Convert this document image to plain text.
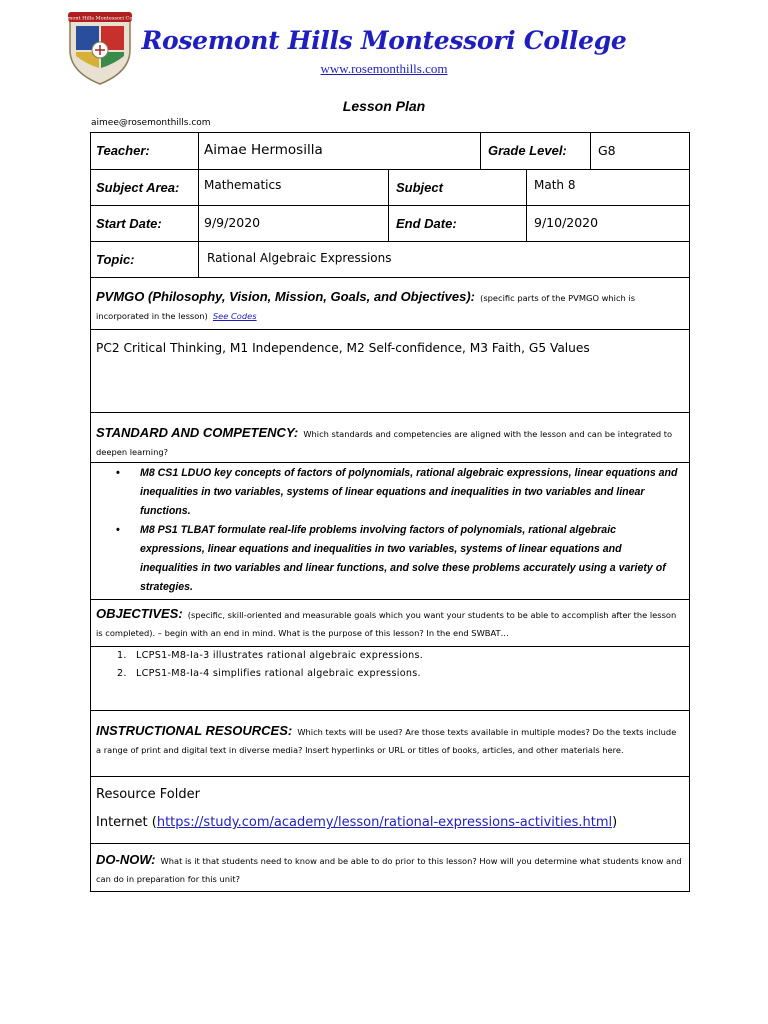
Rosemont Hills Montessori College
Rosemont Hills Montessori College
www.rosemonthills.com
Lesson Plan
aimee@rosemonthills.com
Teacher:	Aimae Hermosilla	Grade Level: G8
Subject Area: Mathematics	Subject	Math 8
Start Date:	9/9/2020	End Date:	9/10/2020
Topic:	Rational Algebraic Expressions
PVMGO (Philosophy, Vision, Mission, Goals, and Objectives): (specific parts of the PVMGO which is incorporated in the lesson) See Codes
PC2 Critical Thinking, M1 Independence, M2 Self-confidence, M3 Faith, G5 Values
STANDARD AND COMPETENCY: Which standards and competencies are aligned with the lesson and can be integrated to deepen learning?
• M8 CS1 LDUO key concepts of factors of polynomials, rational algebraic expressions, linear equations and inequalities in two variables, systems of linear equations and inequalities in two variables and linear functions.
• M8 PS1 TLBAT formulate real-life problems involving factors of polynomials, rational algebraic expressions, linear equations and inequalities in two variables, systems of linear equations and inequalities in two variables and linear functions, and solve these problems accurately using a variety of strategies.
OBJECTIVES: (specific, skill-oriented and measurable goals which you want your students to be able to accomplish after the lesson is completed). – begin with an end in mind. What is the purpose of this lesson? In the end SWBAT…
1. LCPS1-M8-Ia-3 illustrates rational algebraic expressions.
2. LCPS1-M8-Ia-4 simplifies rational algebraic expressions.
INSTRUCTIONAL RESOURCES: Which texts will be used? Are those texts available in multiple modes? Do the texts include a range of print and digital text in diverse media? Insert hyperlinks or URL or titles of books, articles, and other materials here.
Resource Folder
Internet (https://study.com/academy/lesson/rational-expressions-activities.html)
DO-NOW: What is it that students need to know and be able to do prior to this lesson? How will you determine what students know and can do in preparation for this unit?
